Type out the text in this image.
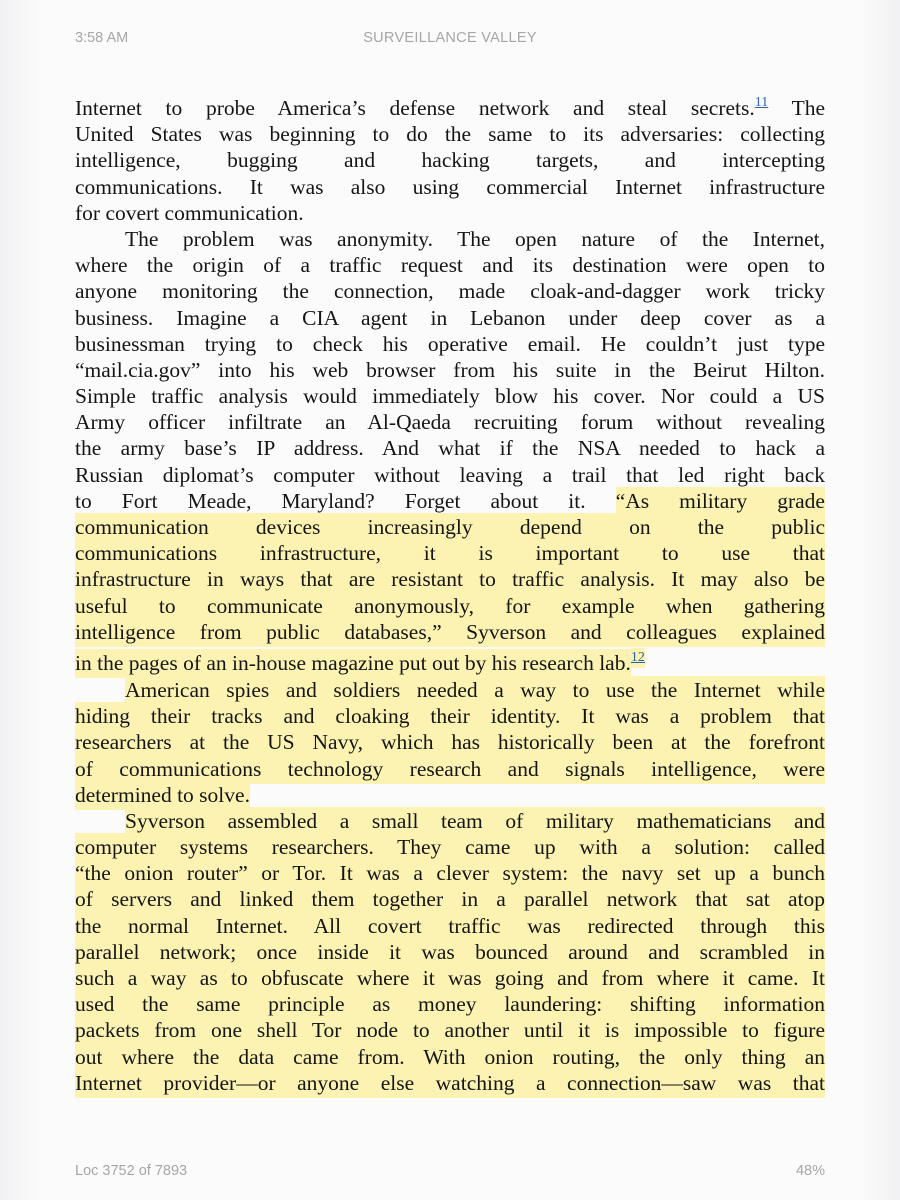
3:58 AM	SURVEILLANCE VALLEY
Internet to probe America’s defense network and steal secrets.$^{11}$ The
United States was beginning to do the same to its adversaries: collecting
intelligence, bugging and hacking targets, and intercepting
communications. It was also using commercial Internet infrastructure
for covert communication.
The problem was anonymity. The open nature of the Internet,
where the origin of a traffic request and its destination were open to
anyone monitoring the connection, made cloak-and-dagger work tricky
business. Imagine a CIA agent in Lebanon under deep cover as a
businessman trying to check his operative email. He couldn’t just type
“mail.cia.gov” into his web browser from his suite in the Beirut Hilton.
Simple traffic analysis would immediately blow his cover. Nor could a US
Army officer infiltrate an Al-Qaeda recruiting forum without revealing
the army base’s IP address. And what if the NSA needed to hack a
Russian diplomat’s computer without leaving a trail that led right back
to Fort Meade, Maryland? Forget about it. “As military grade
communication devices increasingly depend on the public
communications infrastructure, it is important to use that
infrastructure in ways that are resistant to traffic analysis. It may also be
useful to communicate anonymously, for example when gathering
intelligence from public databases,” Syverson and colleagues explained
in the pages of an in-house magazine put out by his research lab.$^{12}$
American spies and soldiers needed a way to use the Internet while
hiding their tracks and cloaking their identity. It was a problem that
researchers at the US Navy, which has historically been at the forefront
of communications technology research and signals intelligence, were
determined to solve.
Syverson assembled a small team of military mathematicians and
computer systems researchers. They came up with a solution: called
“the onion router” or Tor. It was a clever system: the navy set up a bunch
of servers and linked them together in a parallel network that sat atop
the normal Internet. All covert traffic was redirected through this
parallel network; once inside it was bounced around and scrambled in
such a way as to obfuscate where it was going and from where it came. It
used the same principle as money laundering: shifting information
packets from one shell Tor node to another until it is impossible to figure
out where the data came from. With onion routing, the only thing an
Internet provider—or anyone else watching a connection—saw was that
Loc 3752 of 7893	48%
